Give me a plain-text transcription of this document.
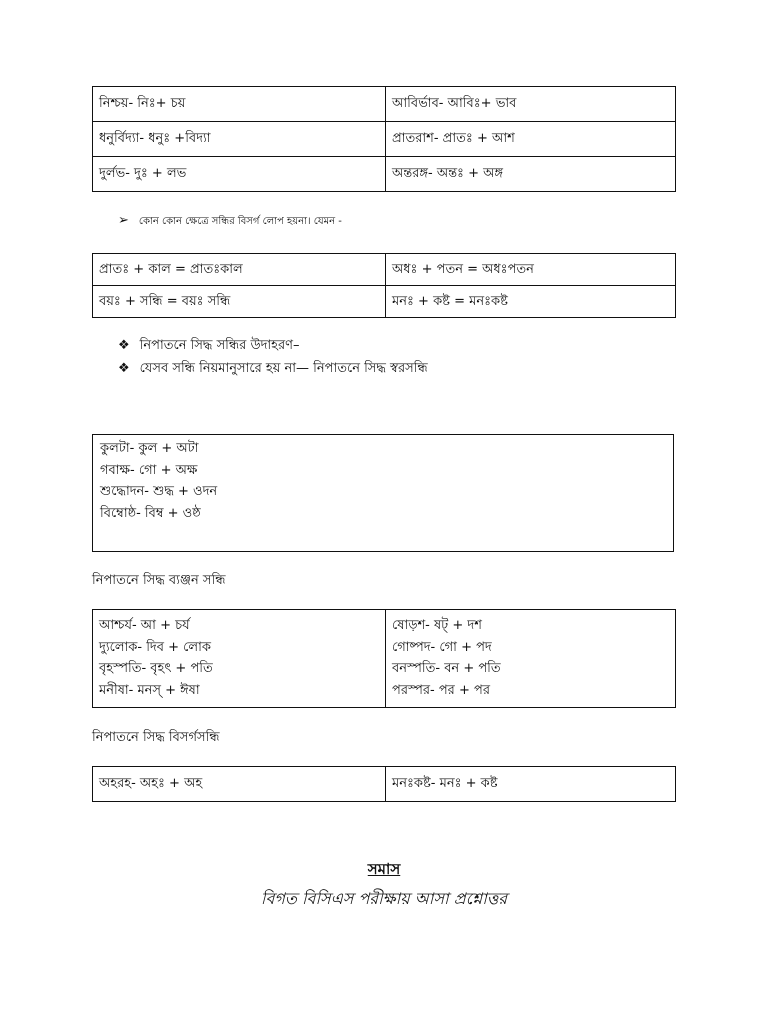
নিশ্চয়- নিঃ+ চয়	আবির্ভাব- আবিঃ+ ভাব
ধনুর্বিদ্যা- ধনুঃ +বিদ্যা	প্রাতরাশ- প্রাতঃ + আশ
দুর্লভ- দুঃ + লভ	অন্তরঙ্গ- অন্তঃ + অঙ্গ
➢ কোন কোন ক্ষেত্রে সন্ধির বিসর্গ লোপ হয়না। যেমন -
প্রাতঃ + কাল = প্রাতঃকাল	অধঃ + পতন = অধঃপতন
বয়ঃ + সন্ধি = বয়ঃ সন্ধি	মনঃ + কষ্ট = মনঃকষ্ট
❖ নিপাতনে সিদ্ধ সন্ধির উদাহরণ–
❖ যেসব সন্ধি নিয়মানুসারে হয় না— নিপাতনে সিদ্ধ স্বরসন্ধি
কুলটা- কুল + অটা
গবাক্ষ- গো + অক্ষ
শুদ্ধোদন- শুদ্ধ + ওদন
বিম্বোষ্ঠ- বিম্ব + ওষ্ঠ
নিপাতনে সিদ্ধ ব্যঞ্জন সন্ধি
আশ্চর্য- আ + চর্য
দ্যুলোক- দিব + লোক
বৃহস্পতি- বৃহৎ + পতি
মনীষা- মনস্‌ + ঈষা

ষোড়শ- ষট্‌ + দশ
গোষ্পদ- গো + পদ
বনস্পতি- বন + পতি
পরস্পর- পর + পর
নিপাতনে সিদ্ধ বিসর্গসন্ধি
অহরহ- অহঃ + অহ	মনঃকষ্ট- মনঃ + কষ্ট
সমাস
বিগত বিসিএস পরীক্ষায় আসা প্রশ্নোত্তর
